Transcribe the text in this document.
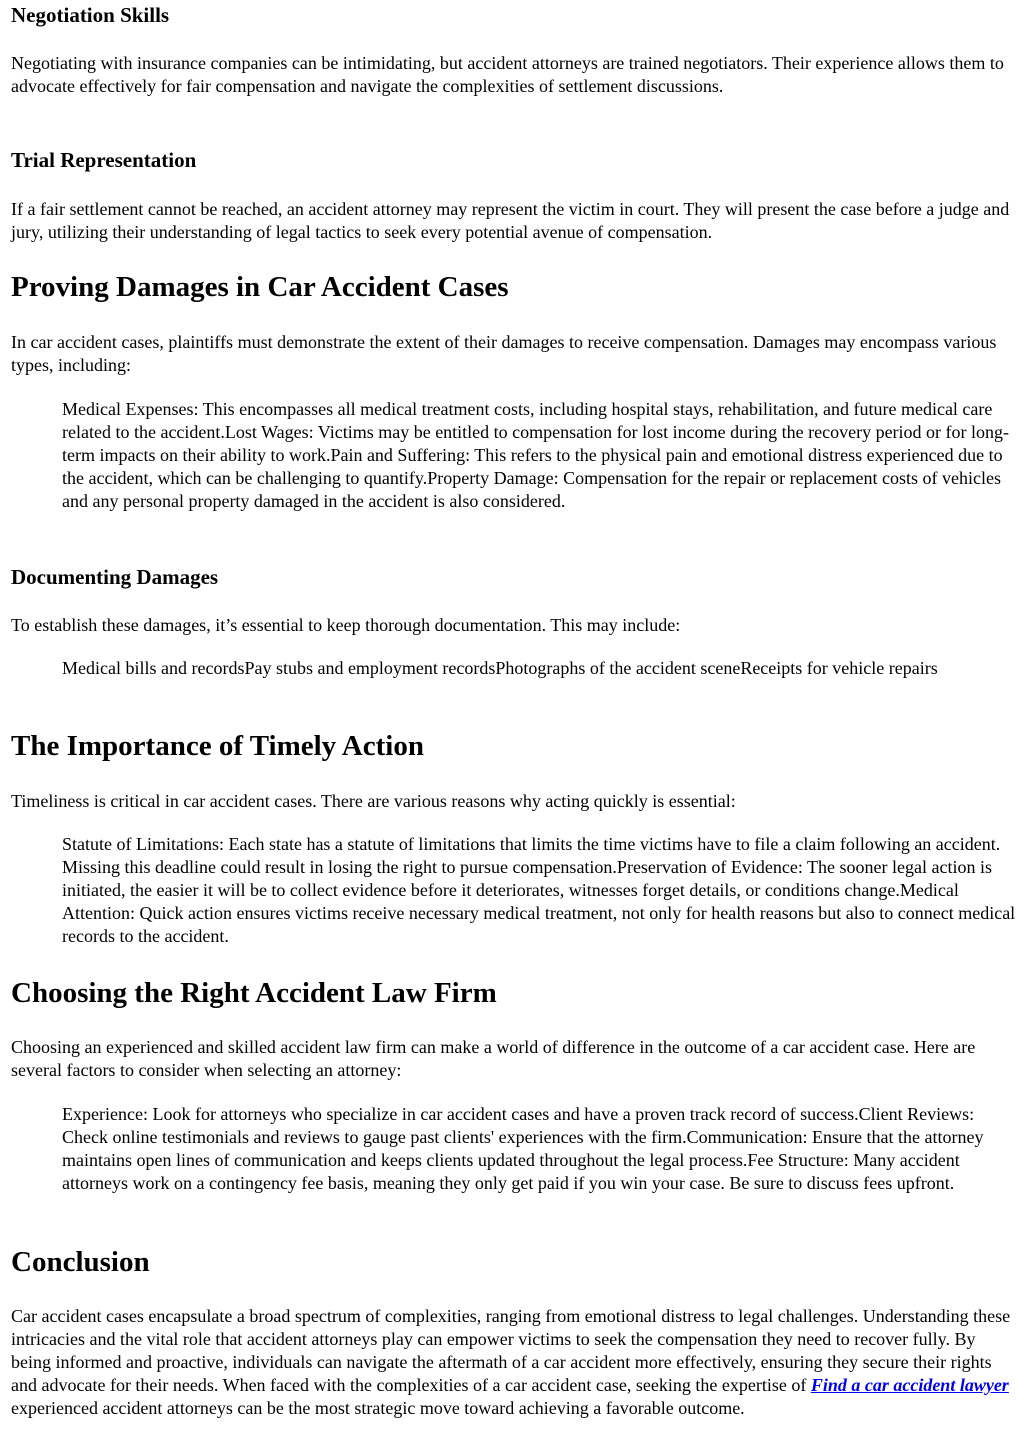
Negotiation Skills

Negotiating with insurance companies can be intimidating, but accident attorneys are trained negotiators. Their experience allows them to advocate effectively for fair compensation and navigate the complexities of settlement discussions.

Trial Representation

If a fair settlement cannot be reached, an accident attorney may represent the victim in court. They will present the case before a judge and jury, utilizing their understanding of legal tactics to seek every potential avenue of compensation.

Proving Damages in Car Accident Cases

In car accident cases, plaintiffs must demonstrate the extent of their damages to receive compensation. Damages may encompass various types, including:

Medical Expenses: This encompasses all medical treatment costs, including hospital stays, rehabilitation, and future medical care related to the accident.Lost Wages: Victims may be entitled to compensation for lost income during the recovery period or for long-term impacts on their ability to work.Pain and Suffering: This refers to the physical pain and emotional distress experienced due to the accident, which can be challenging to quantify.Property Damage: Compensation for the repair or replacement costs of vehicles and any personal property damaged in the accident is also considered.

Documenting Damages

To establish these damages, it’s essential to keep thorough documentation. This may include:

Medical bills and recordsPay stubs and employment recordsPhotographs of the accident sceneReceipts for vehicle repairs

The Importance of Timely Action

Timeliness is critical in car accident cases. There are various reasons why acting quickly is essential:

Statute of Limitations: Each state has a statute of limitations that limits the time victims have to file a claim following an accident. Missing this deadline could result in losing the right to pursue compensation.Preservation of Evidence: The sooner legal action is initiated, the easier it will be to collect evidence before it deteriorates, witnesses forget details, or conditions change.Medical Attention: Quick action ensures victims receive necessary medical treatment, not only for health reasons but also to connect medical records to the accident.

Choosing the Right Accident Law Firm

Choosing an experienced and skilled accident law firm can make a world of difference in the outcome of a car accident case. Here are several factors to consider when selecting an attorney:

Experience: Look for attorneys who specialize in car accident cases and have a proven track record of success.Client Reviews: Check online testimonials and reviews to gauge past clients' experiences with the firm.Communication: Ensure that the attorney maintains open lines of communication and keeps clients updated throughout the legal process.Fee Structure: Many accident attorneys work on a contingency fee basis, meaning they only get paid if you win your case. Be sure to discuss fees upfront.

Conclusion

Car accident cases encapsulate a broad spectrum of complexities, ranging from emotional distress to legal challenges. Understanding these intricacies and the vital role that accident attorneys play can empower victims to seek the compensation they need to recover fully. By being informed and proactive, individuals can navigate the aftermath of a car accident more effectively, ensuring they secure their rights and advocate for their needs. When faced with the complexities of a car accident case, seeking the expertise of Find a car accident lawyer experienced accident attorneys can be the most strategic move toward achieving a favorable outcome.
